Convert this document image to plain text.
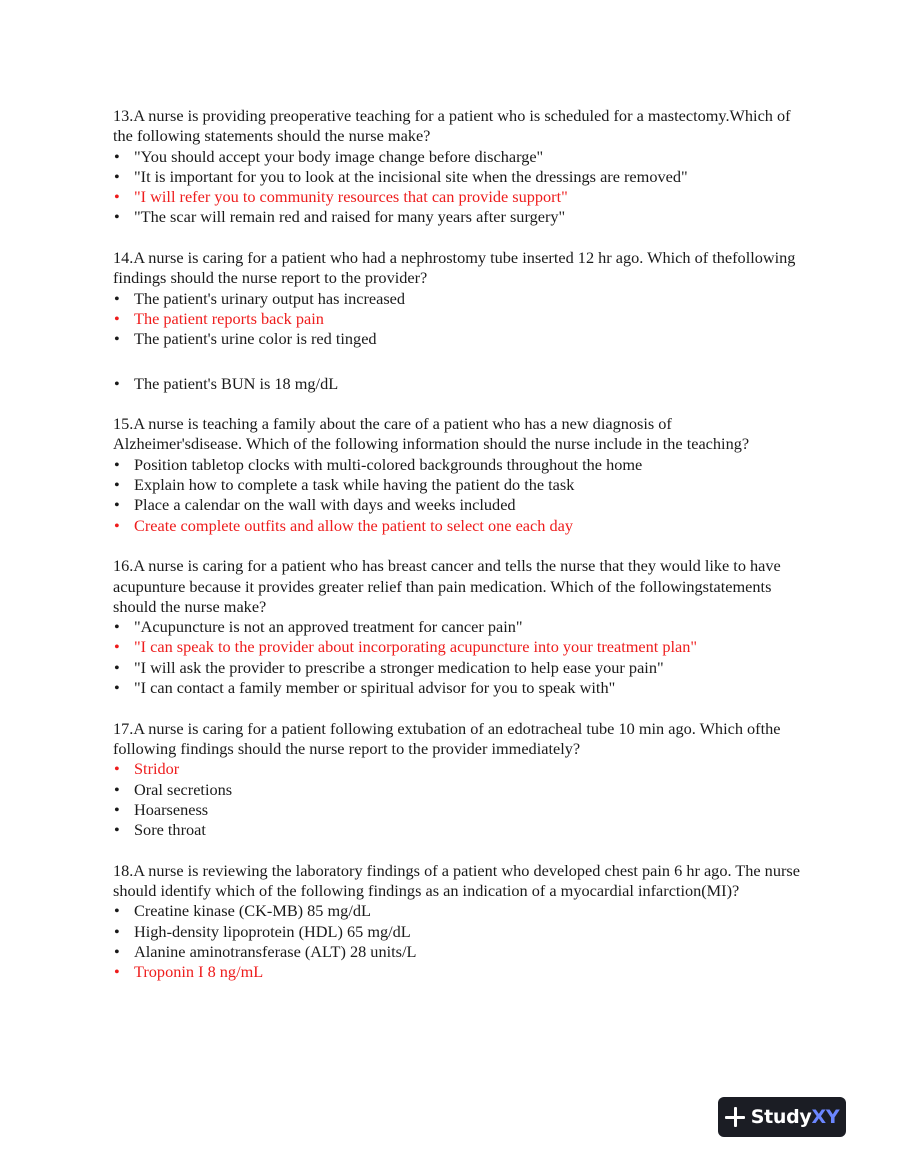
13.A nurse is providing preoperative teaching for a patient who is scheduled for a mastectomy.Which of the following statements should the nurse make?

• "You should accept your body image change before discharge"
• "It is important for you to look at the incisional site when the dressings are removed"
• "I will refer you to community resources that can provide support"
• "The scar will remain red and raised for many years after surgery"

14.A nurse is caring for a patient who had a nephrostomy tube inserted 12 hr ago. Which of thefollowing findings should the nurse report to the provider?

• The patient's urinary output has increased
• The patient reports back pain
• The patient's urine color is red tinged
• The patient's BUN is 18 mg/dL

15.A nurse is teaching a family about the care of a patient who has a new diagnosis of Alzheimer'sdisease. Which of the following information should the nurse include in the teaching?

• Position tabletop clocks with multi-colored backgrounds throughout the home
• Explain how to complete a task while having the patient do the task
• Place a calendar on the wall with days and weeks included
• Create complete outfits and allow the patient to select one each day

16.A nurse is caring for a patient who has breast cancer and tells the nurse that they would like to have acupunture because it provides greater relief than pain medication. Which of the followingstatements should the nurse make?

• "Acupuncture is not an approved treatment for cancer pain"
• "I can speak to the provider about incorporating acupuncture into your treatment plan"
• "I will ask the provider to prescribe a stronger medication to help ease your pain"
• "I can contact a family member or spiritual advisor for you to speak with"

17.A nurse is caring for a patient following extubation of an edotracheal tube 10 min ago. Which ofthe following findings should the nurse report to the provider immediately?

• Stridor
• Oral secretions
• Hoarseness
• Sore throat

18.A nurse is reviewing the laboratory findings of a patient who developed chest pain 6 hr ago. The nurse should identify which of the following findings as an indication of a myocardial infarction(MI)?

• Creatine kinase (CK-MB) 85 mg/dL
• High-density lipoprotein (HDL) 65 mg/dL
• Alanine aminotransferase (ALT) 28 units/L
• Troponin I 8 ng/mL
Study XY
